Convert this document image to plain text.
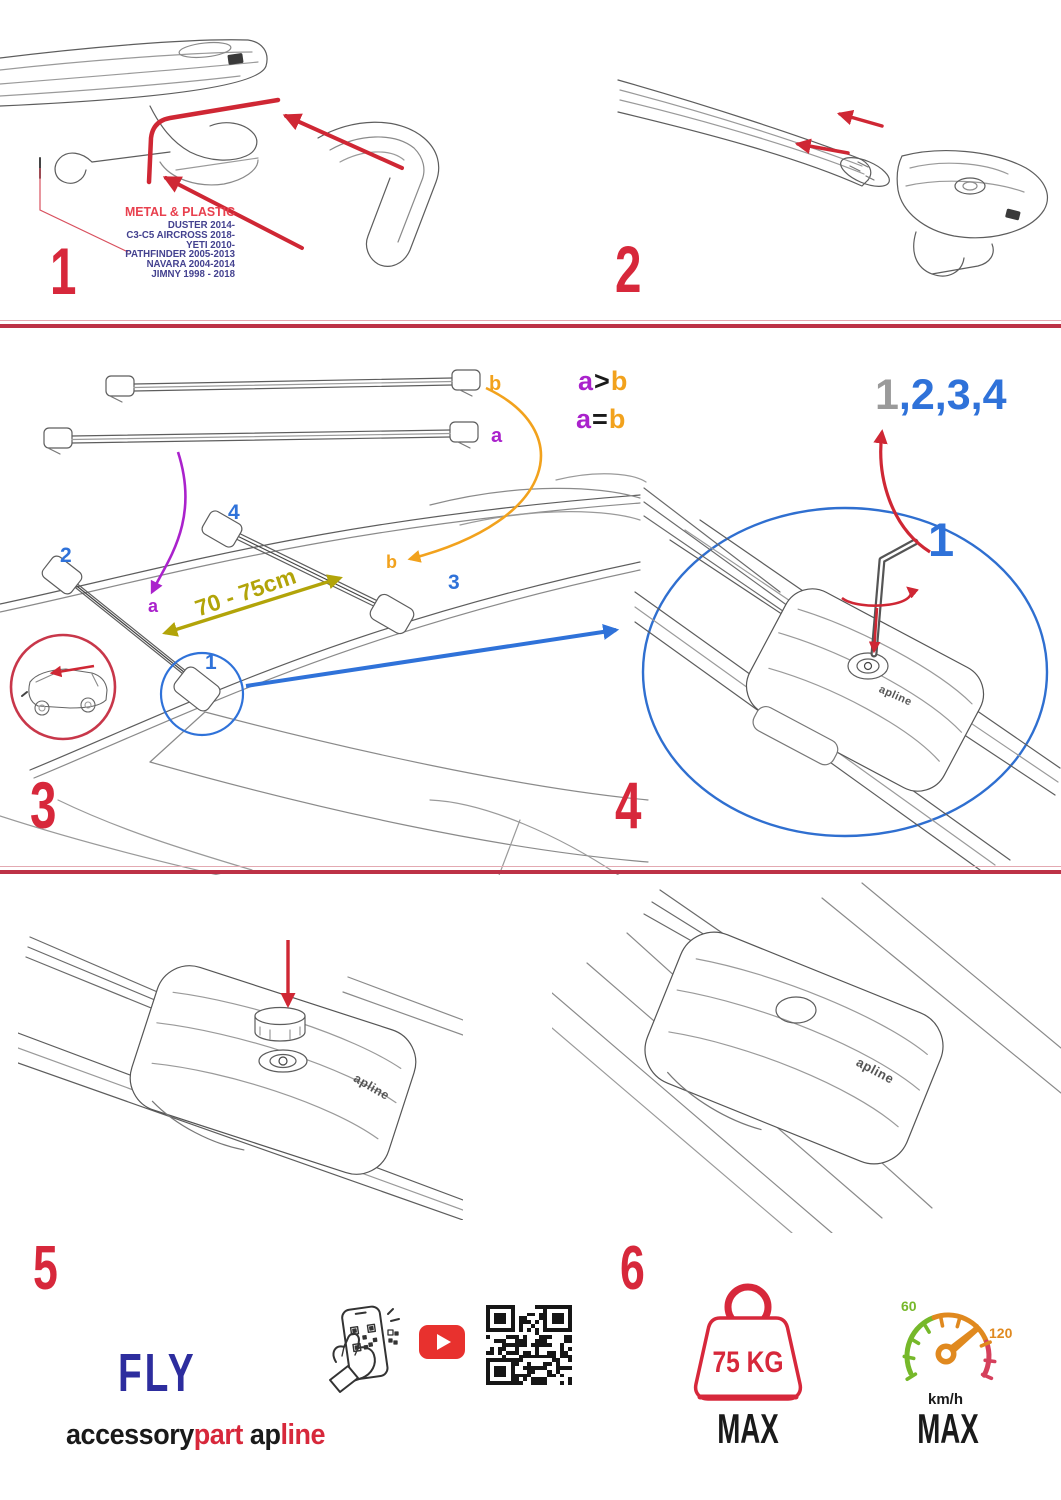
METAL & PLASTIC
DUSTER 2014-
C3-C5 AIRCROSS 2018-
YETI 2010-
PATHFINDER 2005-2013
NAVARA 2004-2014
JIMNY 1998 - 2018
1	2
b
a
a>b
a=b
2
4
3
1
b
a 70 - 75cm
3
1,2,3,4
1
apline
4
apline
5
apline
6
FLY
accessorypart apline
75 KG
MAX
60
120
km/h
MAX
